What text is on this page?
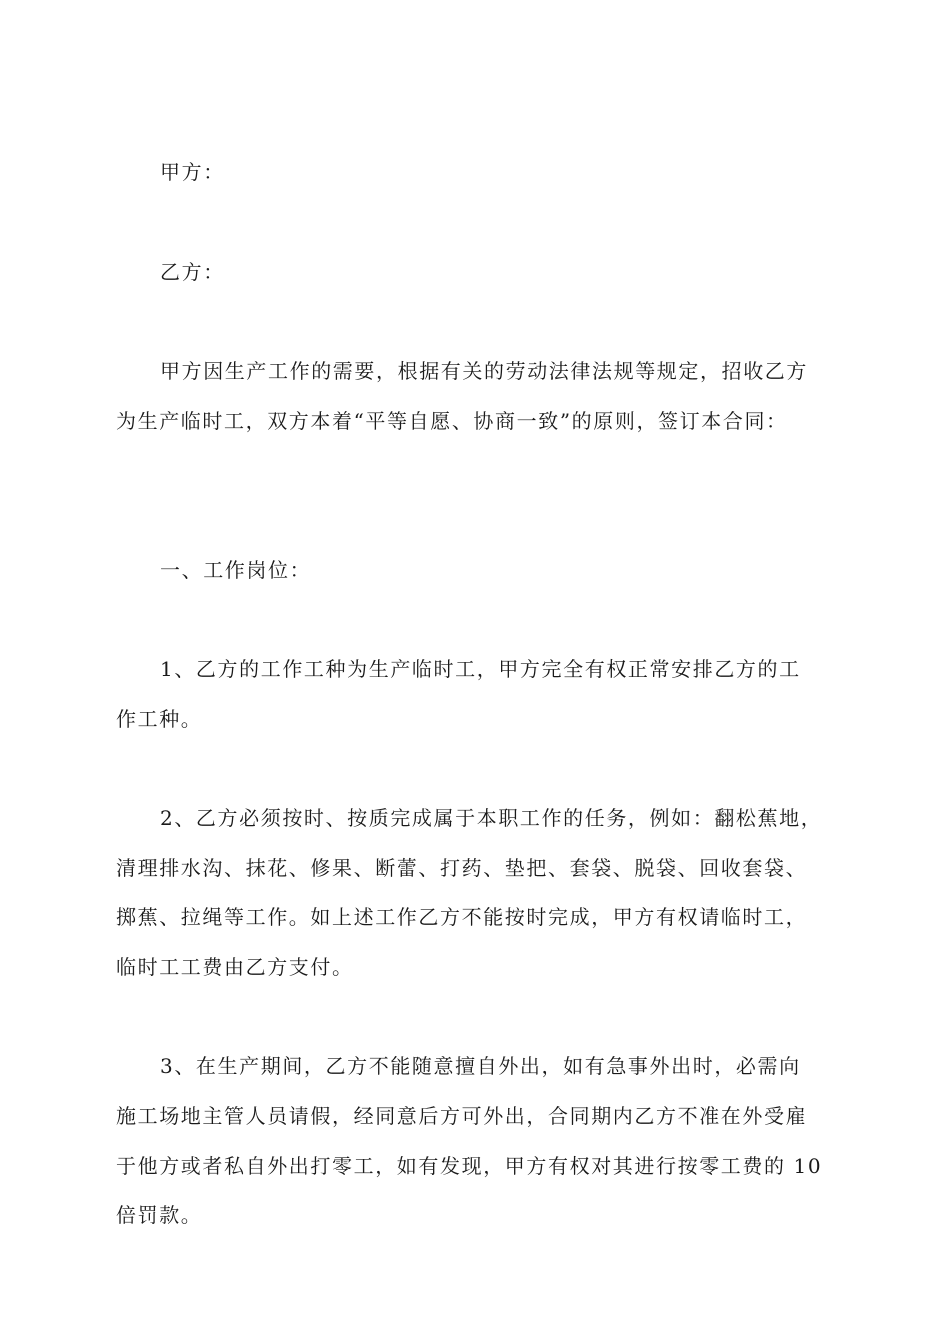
甲方：
乙方：
甲方因生产工作的需要，根据有关的劳动法律法规等规定，招收乙方
为生产临时工，双方本着“平等自愿、协商一致”的原则，签订本合同：
一、工作岗位：
1、乙方的工作工种为生产临时工，甲方完全有权正常安排乙方的工
作工种。
2、乙方必须按时、按质完成属于本职工作的任务，例如：翻松蕉地，
清理排水沟、抹花、修果、断蕾、打药、垫把、套袋、脱袋、回收套袋、
掷蕉、拉绳等工作。如上述工作乙方不能按时完成，甲方有权请临时工，
临时工工费由乙方支付。
3、在生产期间，乙方不能随意擅自外出，如有急事外出时，必需向
施工场地主管人员请假，经同意后方可外出，合同期内乙方不准在外受雇
于他方或者私自外出打零工，如有发现，甲方有权对其进行按零工费的 10
倍罚款。
